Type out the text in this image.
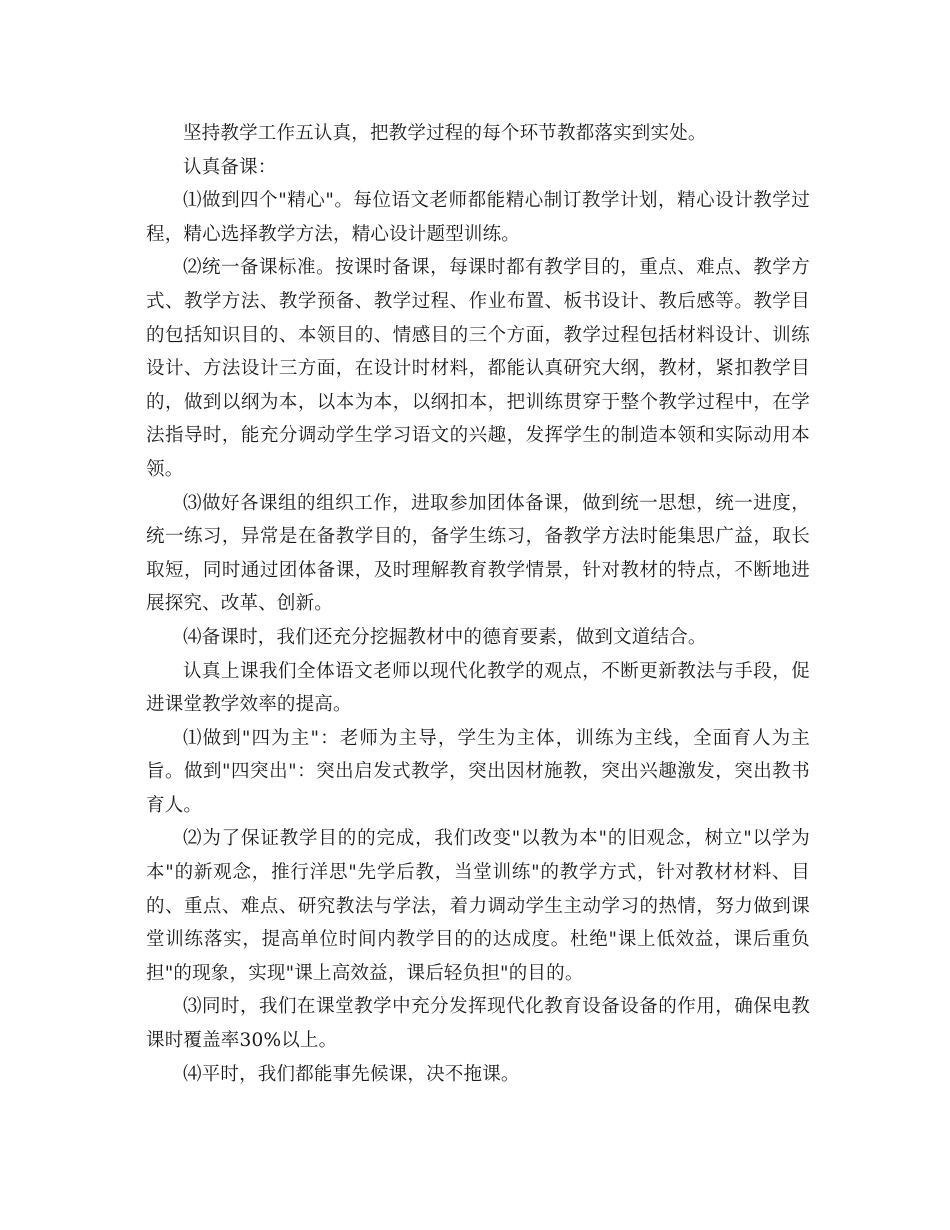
坚持教学工作五认真，把教学过程的每个环节教都落实到实处。

认真备课：

⑴做到四个"精心"。每位语文老师都能精心制订教学计划，精心设计教学过程，精心选择教学方法，精心设计题型训练。

⑵统一备课标准。按课时备课，每课时都有教学目的，重点、难点、教学方式、教学方法、教学预备、教学过程、作业布置、板书设计、教后感等。教学目的包括知识目的、本领目的、情感目的三个方面，教学过程包括材料设计、训练设计、方法设计三方面，在设计时材料，都能认真研究大纲，教材，紧扣教学目的，做到以纲为本，以本为本，以纲扣本，把训练贯穿于整个教学过程中，在学法指导时，能充分调动学生学习语文的兴趣，发挥学生的制造本领和实际动用本领。

⑶做好各课组的组织工作，进取参加团体备课，做到统一思想，统一进度，统一练习，异常是在备教学目的，备学生练习，备教学方法时能集思广益，取长取短，同时通过团体备课，及时理解教育教学情景，针对教材的特点，不断地进展探究、改革、创新。

⑷备课时，我们还充分挖掘教材中的德育要素，做到文道结合。

认真上课我们全体语文老师以现代化教学的观点，不断更新教法与手段，促进课堂教学效率的提高。

⑴做到"四为主"：老师为主导，学生为主体，训练为主线，全面育人为主旨。做到"四突出"：突出启发式教学，突出因材施教，突出兴趣激发，突出教书育人。

⑵为了保证教学目的的完成，我们改变"以教为本"的旧观念，树立"以学为本"的新观念，推行洋思"先学后教，当堂训练"的教学方式，针对教材材料、目的、重点、难点、研究教法与学法，着力调动学生主动学习的热情，努力做到课堂训练落实，提高单位时间内教学目的的达成度。杜绝"课上低效益，课后重负担"的现象，实现"课上高效益，课后轻负担"的目的。

⑶同时，我们在课堂教学中充分发挥现代化教育设备设备的作用，确保电教课时覆盖率30%以上。

⑷平时，我们都能事先候课，决不拖课。
